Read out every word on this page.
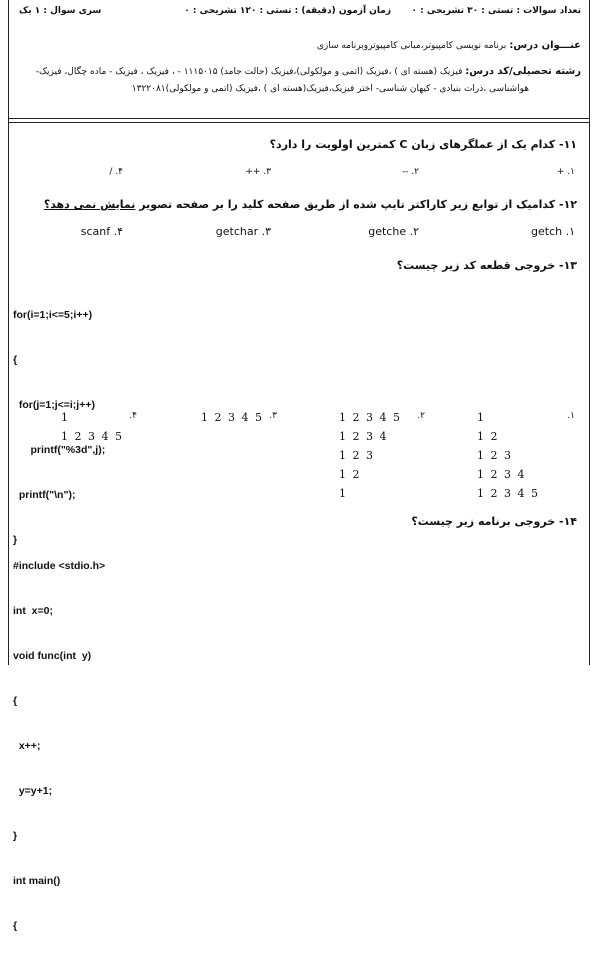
تعداد سوالات : تستی : ۳۰ تشریحی : ۰
زمان آزمون (دقیقه) : تستی : ۱۲۰ تشریحی : ۰
سری سوال : ۱ یک
عنـــوان درس: برنامه نویسی کامپیوتر،مبانی کامپیوتروبرنامه سازی
رشته تحصیلی/کد درس: فیزیک (هسته ای ) ،فیزیک (اتمی و مولکولی)،فیزیک (حالت جامد) ۱۱۱۵۰۱۵ - ، فیزیک ، فیزیک - ماده چگال، فیزیک-
هواشناسی ،ذرات بنیادی - کیهان شناسی- اختر فیزیک،فیزیک(هسته ای ) ،فیزیک (اتمی و مولکولی)۱۳۲۲۰۸۱
۱۱- کدام یک از عملگرهای زبان C کمترین اولویت را دارد؟
۱. +
۲. --
۳. ++
۴. /
۱۲- کدامیک از توابع زیر کاراکتر تایپ شده از طریق صفحه کلید را بر صفحه تصویر نمایش نمی دهد؟
getch .۱
getche .۲
getchar .۳
scanf .۴
۱۳- خروجی قطعه کد زیر چیست؟

for(i=1;i<=5;i++)

{

for(j=1;j<=i;j++)

printf("%3d",j);

printf("\n");

}

.۱
1
1 2
1 2 3
1 2 3 4
1 2 3 4 5
.۲
1 2 3 4 5
1 2 3 4
1 2 3
1 2
1
.۳
1 2 3 4 5
.۴
1
1 2 3 4 5
۱۴- خروجی برنامه زیر چیست؟

#include <stdio.h>

int  x=0;

void func(int  y)

{

x++;

y=y+1;

}

int main()

{
